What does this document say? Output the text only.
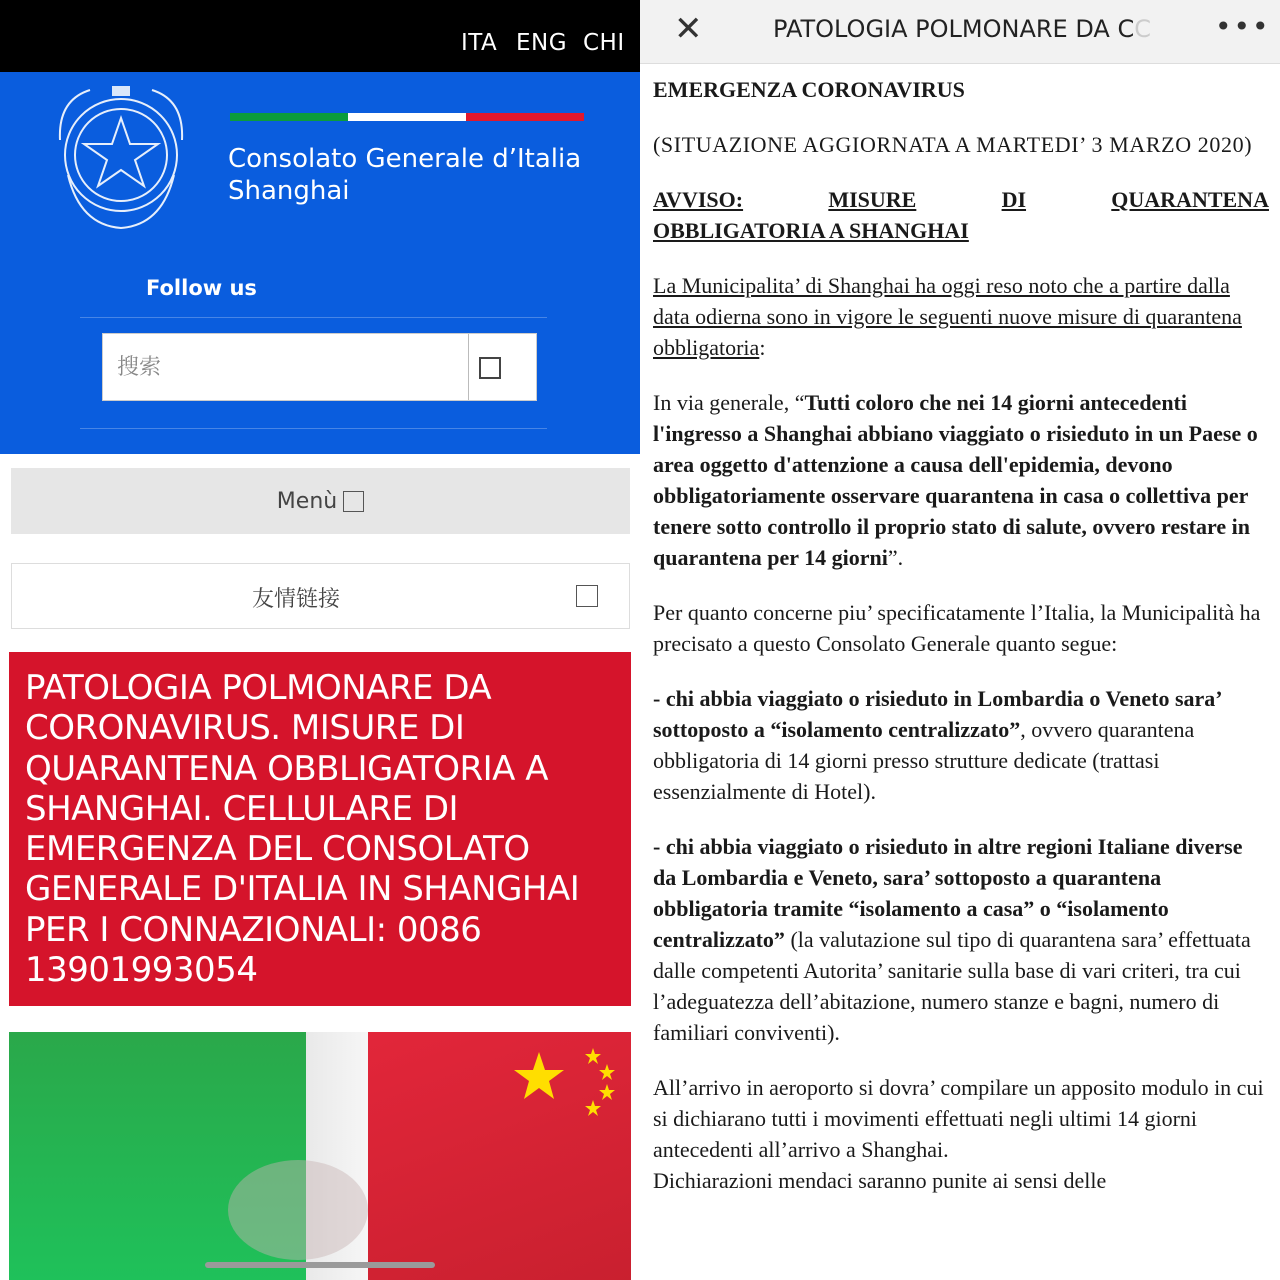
ITA ENG CHI
Consolato Generale d’Italia
Shanghai
Follow us
搜索
Menù
友情链接
PATOLOGIA POLMONARE DA CORONAVIRUS. MISURE DI QUARANTENA OBBLIGATORIA A SHANGHAI. CELLULARE DI EMERGENZA DEL CONSOLATO GENERALE D'ITALIA IN SHANGHAI PER I CONNAZIONALI: 0086 13901993054
✕	PATOLOGIA POLMONARE DA CC	•••

EMERGENZA CORONAVIRUS

(SITUAZIONE AGGIORNATA A MARTEDI’ 3 MARZO 2020)

AVVISO:	MISURE	DI	QUARANTENA
OBBLIGATORIA A SHANGHAI

La Municipalita’ di Shanghai ha oggi reso noto che a partire dalla data odierna sono in vigore le seguenti nuove misure di quarantena obbligatoria:

In via generale, “Tutti coloro che nei 14 giorni antecedenti l'ingresso a Shanghai abbiano viaggiato o risieduto in un Paese o area oggetto d'attenzione a causa dell'epidemia, devono obbligatoriamente osservare quarantena in casa o collettiva per tenere sotto controllo il proprio stato di salute, ovvero restare in quarantena per 14 giorni”.

Per quanto concerne piu’ specificatamente l’Italia, la Municipalità ha precisato a questo Consolato Generale quanto segue:

- chi abbia viaggiato o risieduto in Lombardia o Veneto sara’ sottoposto a “isolamento centralizzato”, ovvero quarantena obbligatoria di 14 giorni presso strutture dedicate (trattasi essenzialmente di Hotel).

- chi abbia viaggiato o risieduto in altre regioni Italiane diverse da Lombardia e Veneto, sara’ sottoposto a quarantena obbligatoria tramite “isolamento a casa” o “isolamento centralizzato” (la valutazione sul tipo di quarantena sara’ effettuata dalle competenti Autorita’ sanitarie sulla base di vari criteri, tra cui l’adeguatezza dell’abitazione, numero stanze e bagni, numero di familiari conviventi).

All’arrivo in aeroporto si dovra’ compilare un apposito modulo in cui si dichiarano tutti i movimenti effettuati negli ultimi 14 giorni antecedenti all’arrivo a Shanghai.

Dichiarazioni mendaci saranno punite ai sensi delle
